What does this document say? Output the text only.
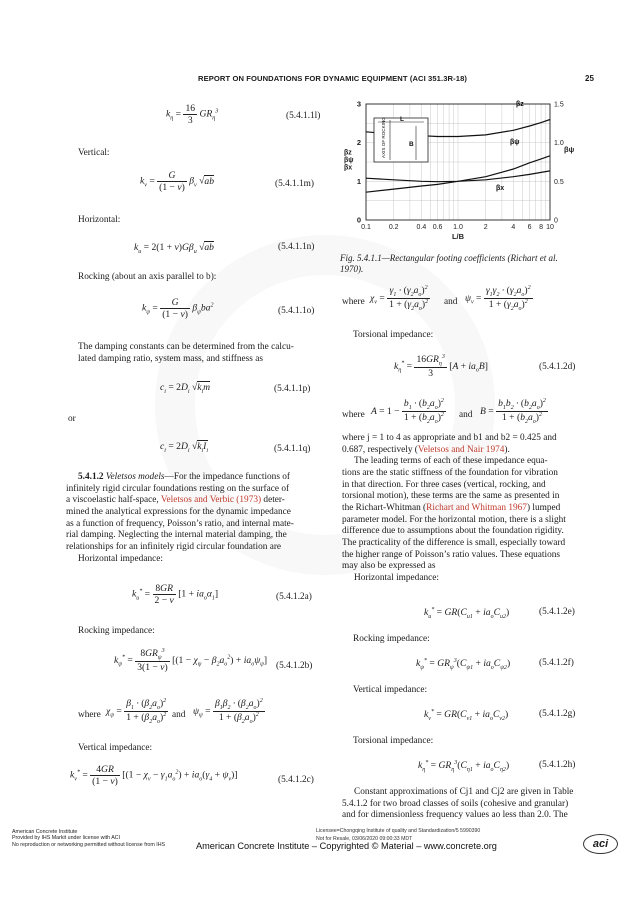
REPORT ON FOUNDATIONS FOR DYNAMIC EQUIPMENT (ACI 351.3R-18)	25
$k_\eta = \frac{16}{3} GR_\eta^3$	(5.4.1.1l)
Vertical:
$k_v = \frac{G}{(1 - \nu)} \beta_v$ √ab	(5.4.1.1m)
Horizontal:
$k_u = 2(1 + \nu)G\beta_u$ √ab	(5.4.1.1n)
Rocking (about an axis parallel to b):
$k_\psi = \frac{G}{(1 - \nu)} \beta_\psi ba^2$
(5.4.1.1o)
The damping constants can be determined from the calcu-
lated damping ratio, system mass, and stiffness as
$c_i = 2D_i$ $√k_im$	(5.4.1.1p)
or
$c_i = 2D_i$ $√k_iI_i$	(5.4.1.1q)
5.4.1.2 Veletsos models—For the impedance functions of
infinitely rigid circular foundations resting on the surface of
a viscoelastic half-space, Veletsos and Verbic (1973) deter-
mined the analytical expressions for the dynamic impedance
as a function of frequency, Poisson’s ratio, and internal mate-
rial damping. Neglecting the internal material damping, the
relationships for an infinitely rigid circular foundation are
Horizontal impedance:
$k_u^* = \frac{8GR}{2 - \nu} [1 + ia_o\alpha_1]$	(5.4.1.2a)
Rocking impedance:
$k_\psi^* = \frac{8GR_\psi^3}{3(1 - \nu)} [(1 - \chi_\psi - \beta_2a_o^2) + ia_o\psi_\psi]$
(5.4.1.2b)
where $\chi_\psi = \frac{\beta_1 \cdot (\beta_2a_o)^2}{1 + (\beta_2a_o)^2}$ and $\psi_\psi = \frac{\beta_1\beta_2 \cdot (\beta_2a_o)^2}{1 + (\beta_2a_o)^2}$
Vertical impedance:
$k_v^* = \frac{4GR}{(1 - \nu)} [(1 - \chi_v - \gamma_1a_o^2) + ia_o(\gamma_4 + \psi_v)]$	(5.4.1.2c)
0.1	0.2	0.4 0.6 1.0	2	4 6 8 10
L/B
0
1
2
3
0
0.5
1.0
1.5
βz
βψ
βx
βψ
βz
βψ
βx
L
B
AXIS OF ROCKING
Fig. 5.4.1.1—Rectangular footing coefficients (Richart et al.
1970).
where $\chi_v = \frac{\gamma_1 \cdot (\gamma_2a_o)^2}{1 + (\gamma_2a_o)^2}$ and $\psi_v = \frac{\gamma_1\gamma_2 \cdot (\gamma_2a_o)^2}{1 + (\gamma_2a_o)^2}$
Torsional impedance:
$k_\eta^* = \frac{16GR_\eta^3}{3} [A + ia_oB]$	(5.4.1.2d)
where $A = 1 - \frac{b_1 \cdot (b_2a_o)^2}{1 + (b_2a_o)^2}$ and $B = \frac{b_1b_2 \cdot (b_2a_o)^2}{1 + (b_2a_o)^2}$
where j = 1 to 4 as appropriate and b1 and b2 = 0.425 and
0.687, respectively (Veletsos and Nair 1974).
The leading terms of each of these impedance equa-
tions are the static stiffness of the foundation for vibration
in that direction. For three cases (vertical, rocking, and
torsional motion), these terms are the same as presented in
the Richart-Whitman (Richart and Whitman 1967) lumped
parameter model. For the horizontal motion, there is a slight
difference due to assumptions about the foundation rigidity.
The practicality of the difference is small, especially toward
the higher range of Poisson’s ratio values. These equations
may also be expressed as
Horizontal impedance:
$k_u^* = GR(C_{u1} + ia_oC_{u2})$	(5.4.1.2e)
Rocking impedance:
$k_\psi^* = GR_\psi^3(C_{\psi 1} + ia_oC_{\psi 2})$	(5.4.1.2f)
Vertical impedance:
$k_v^* = GR(C_{v1} + ia_oC_{v2})$	(5.4.1.2g)
Torsional impedance:
$k_\eta^* = GR_\eta^3(C_{\eta 1} + ia_oC_{\eta 2})$	(5.4.1.2h)
Constant approximations of Cj1 and Cj2 are given in Table
5.4.1.2 for two broad classes of soils (cohesive and granular)
and for dimensionless frequency values ao less than 2.0. The
American Concrete Institute
Provided by IHS Markit under license with ACI
No reproduction or networking permitted without license from IHS
Licensee=Chongqing Institute of quality and Standardization/5 5990390
Not for Resale, 03/06/2020 09:00:33 MDT
American Concrete Institute – Copyrighted © Material – www.concrete.org	aci
